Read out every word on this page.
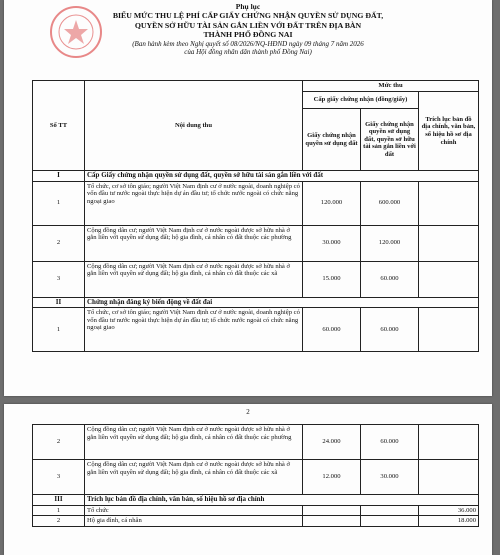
Phụ lục
BIỂU MỨC THU LỆ PHÍ CẤP GIẤY CHỨNG NHẬN QUYỀN SỬ DỤNG ĐẤT,
QUYỀN SỞ HỮU TÀI SẢN GẮN LIỀN VỚI ĐẤT TRÊN ĐỊA BÀN
THÀNH PHỐ ĐỒNG NAI
(Ban hành kèm theo Nghị quyết số 08/2026/NQ-HĐND ngày 09 tháng 7 năm 2026
của Hội đồng nhân dân thành phố Đồng Nai)
Số TT	Nội dung thu	Mức thu		
		Cấp giấy chứng nhận (đồng/giấy)		Trích lục bản đồ địa chính, văn bản, số hiệu hồ sơ địa chính
		Giấy chứng nhận quyền sử dụng đất	Giấy chứng nhận quyền sử dụng đất, quyền sở hữu tài sản gắn liền với đất	
I	Cấp Giấy chứng nhận quyền sử dụng đất, quyền sở hữu tài sản gắn liền với đất			
1	Tổ chức, cơ sở tôn giáo; người Việt Nam định cư ở nước ngoài, doanh nghiệp có vốn đầu tư nước ngoài thực hiện dự án đầu tư; tổ chức nước ngoài có chức năng ngoại giao	120.000	600.000	
2	Cộng đồng dân cư; người Việt Nam định cư ở nước ngoài được sở hữu nhà ở gắn liền với quyền sử dụng đất; hộ gia đình, cá nhân có đất thuộc các phường	30.000	120.000	
3	Cộng đồng dân cư; người Việt Nam định cư ở nước ngoài được sở hữu nhà ở gắn liền với quyền sử dụng đất; hộ gia đình, cá nhân có đất thuộc các xã	15.000	60.000	
II	Chứng nhận đăng ký biến động về đất đai			
1	Tổ chức, cơ sở tôn giáo; người Việt Nam định cư ở nước ngoài, doanh nghiệp có vốn đầu tư nước ngoài thực hiện dự án đầu tư; tổ chức nước ngoài có chức năng ngoại giao	60.000	60.000	
2
2	Cộng đồng dân cư; người Việt Nam định cư ở nước ngoài được sở hữu nhà ở gắn liền với quyền sử dụng đất; hộ gia đình, cá nhân có đất thuộc các phường	24.000	60.000	
3	Cộng đồng dân cư; người Việt Nam định cư ở nước ngoài được sở hữu nhà ở gắn liền với quyền sử dụng đất; hộ gia đình, cá nhân có đất thuộc các xã	12.000	30.000	
III	Trích lục bản đồ địa chính, văn bản, số hiệu hồ sơ địa chính			
1	Tổ chức			36.000
2	Hộ gia đình, cá nhân			18.000
